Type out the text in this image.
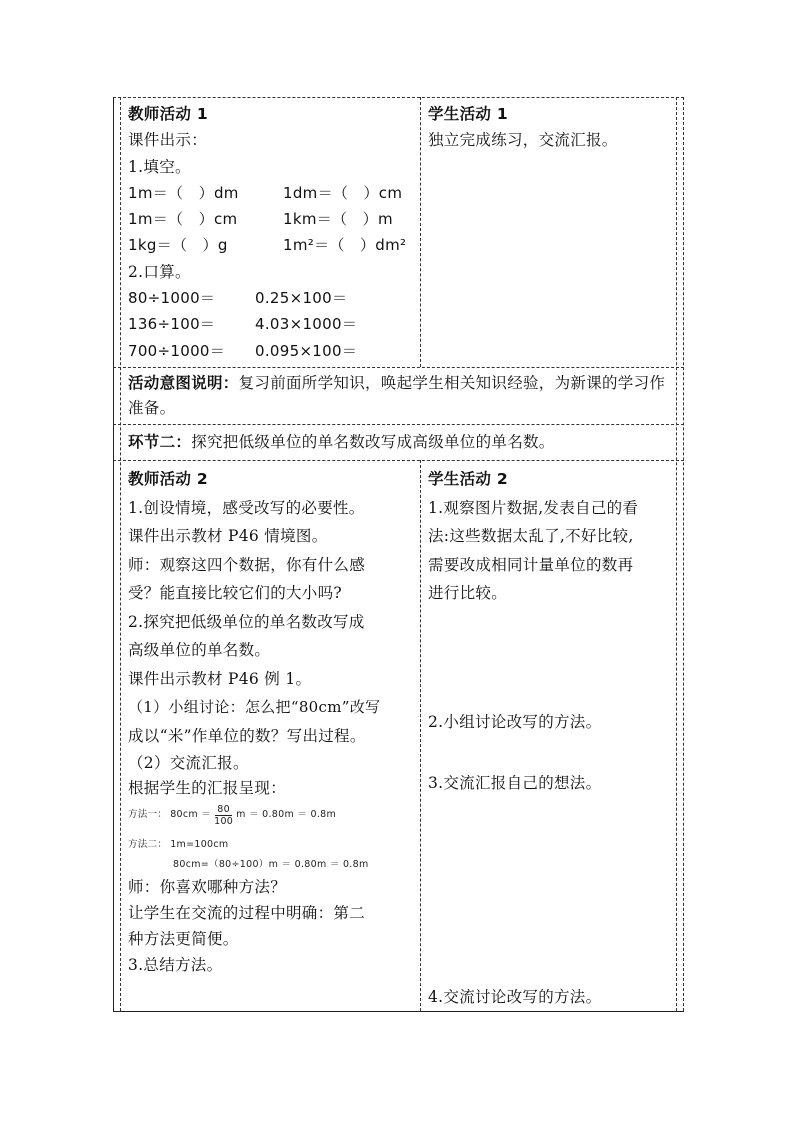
教师活动 1
课件出示：
1.填空。
1m＝（　）dm	1dm＝（　）cm
1m＝（　）cm	1km＝（　）m
1kg＝（　）g	1m²＝（　）dm²
2.口算。
80÷1000＝	0.25×100＝
136÷100＝	4.03×1000＝
700÷1000＝	0.095×100＝
学生活动 1
独立完成练习，交流汇报。
活动意图说明：复习前面所学知识，唤起学生相关知识经验，为新课的学习作准备。
环节二：探究把低级单位的单名数改写成高级单位的单名数。
教师活动 2
1.创设情境，感受改写的必要性。
课件出示教材 P46 情境图。
师：观察这四个数据，你有什么感
受？能直接比较它们的大小吗?
2.探究把低级单位的单名数改写成
高级单位的单名数。
课件出示教材 P46 例 1。
（1）小组讨论：怎么把“80cm”改写
成以“米”作单位的数？写出过程。
（2）交流汇报。
根据学生的汇报呈现：
方法一： $80cm = \frac{80}{100}$ m ＝ 0.80m ＝ 0.8m
方法二： 1m=100cm
80cm=（80÷100）m ＝ 0.80m ＝ 0.8m
师：你喜欢哪种方法？
让学生在交流的过程中明确：第二
种方法更简便。
3.总结方法。
学生活动 2
1.观察图片数据,发表自己的看
法:这些数据太乱了,不好比较,
需要改成相同计量单位的数再
进行比较。
2.小组讨论改写的方法。
3.交流汇报自己的想法。
4.交流讨论改写的方法。
